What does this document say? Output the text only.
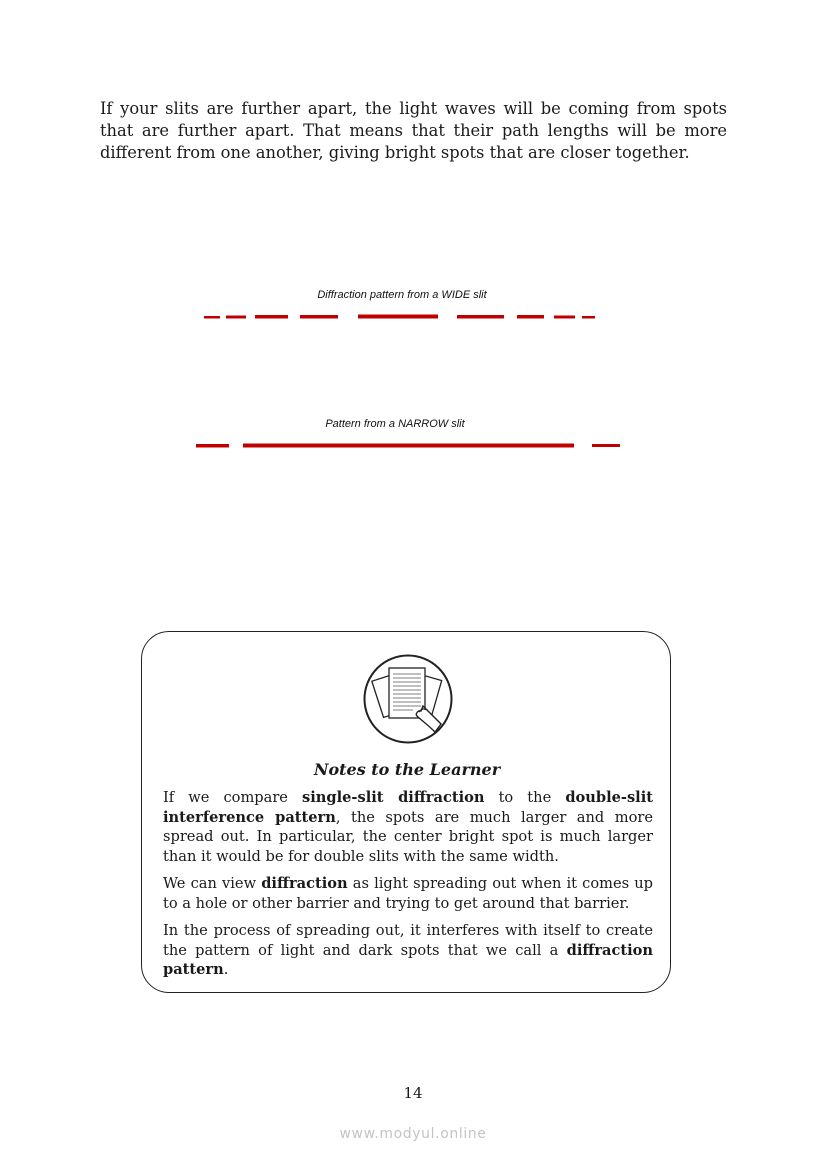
If your slits are further apart, the light waves will be coming from spots that are further apart. That means that their path lengths will be more different from one another, giving bright spots that are closer together.

Diffraction pattern from a WIDE slit
Pattern from a NARROW slit
Notes to the Learner

If we compare single-slit diffraction to the double-slit interference pattern, the spots are much larger and more spread out. In particular, the center bright spot is much larger than it would be for double slits with the same width.

We can view diffraction as light spreading out when it comes up to a hole or other barrier and trying to get around that barrier.

In the process of spreading out, it interferes with itself to create the pattern of light and dark spots that we call a diffraction pattern.

14
www.modyul.online
